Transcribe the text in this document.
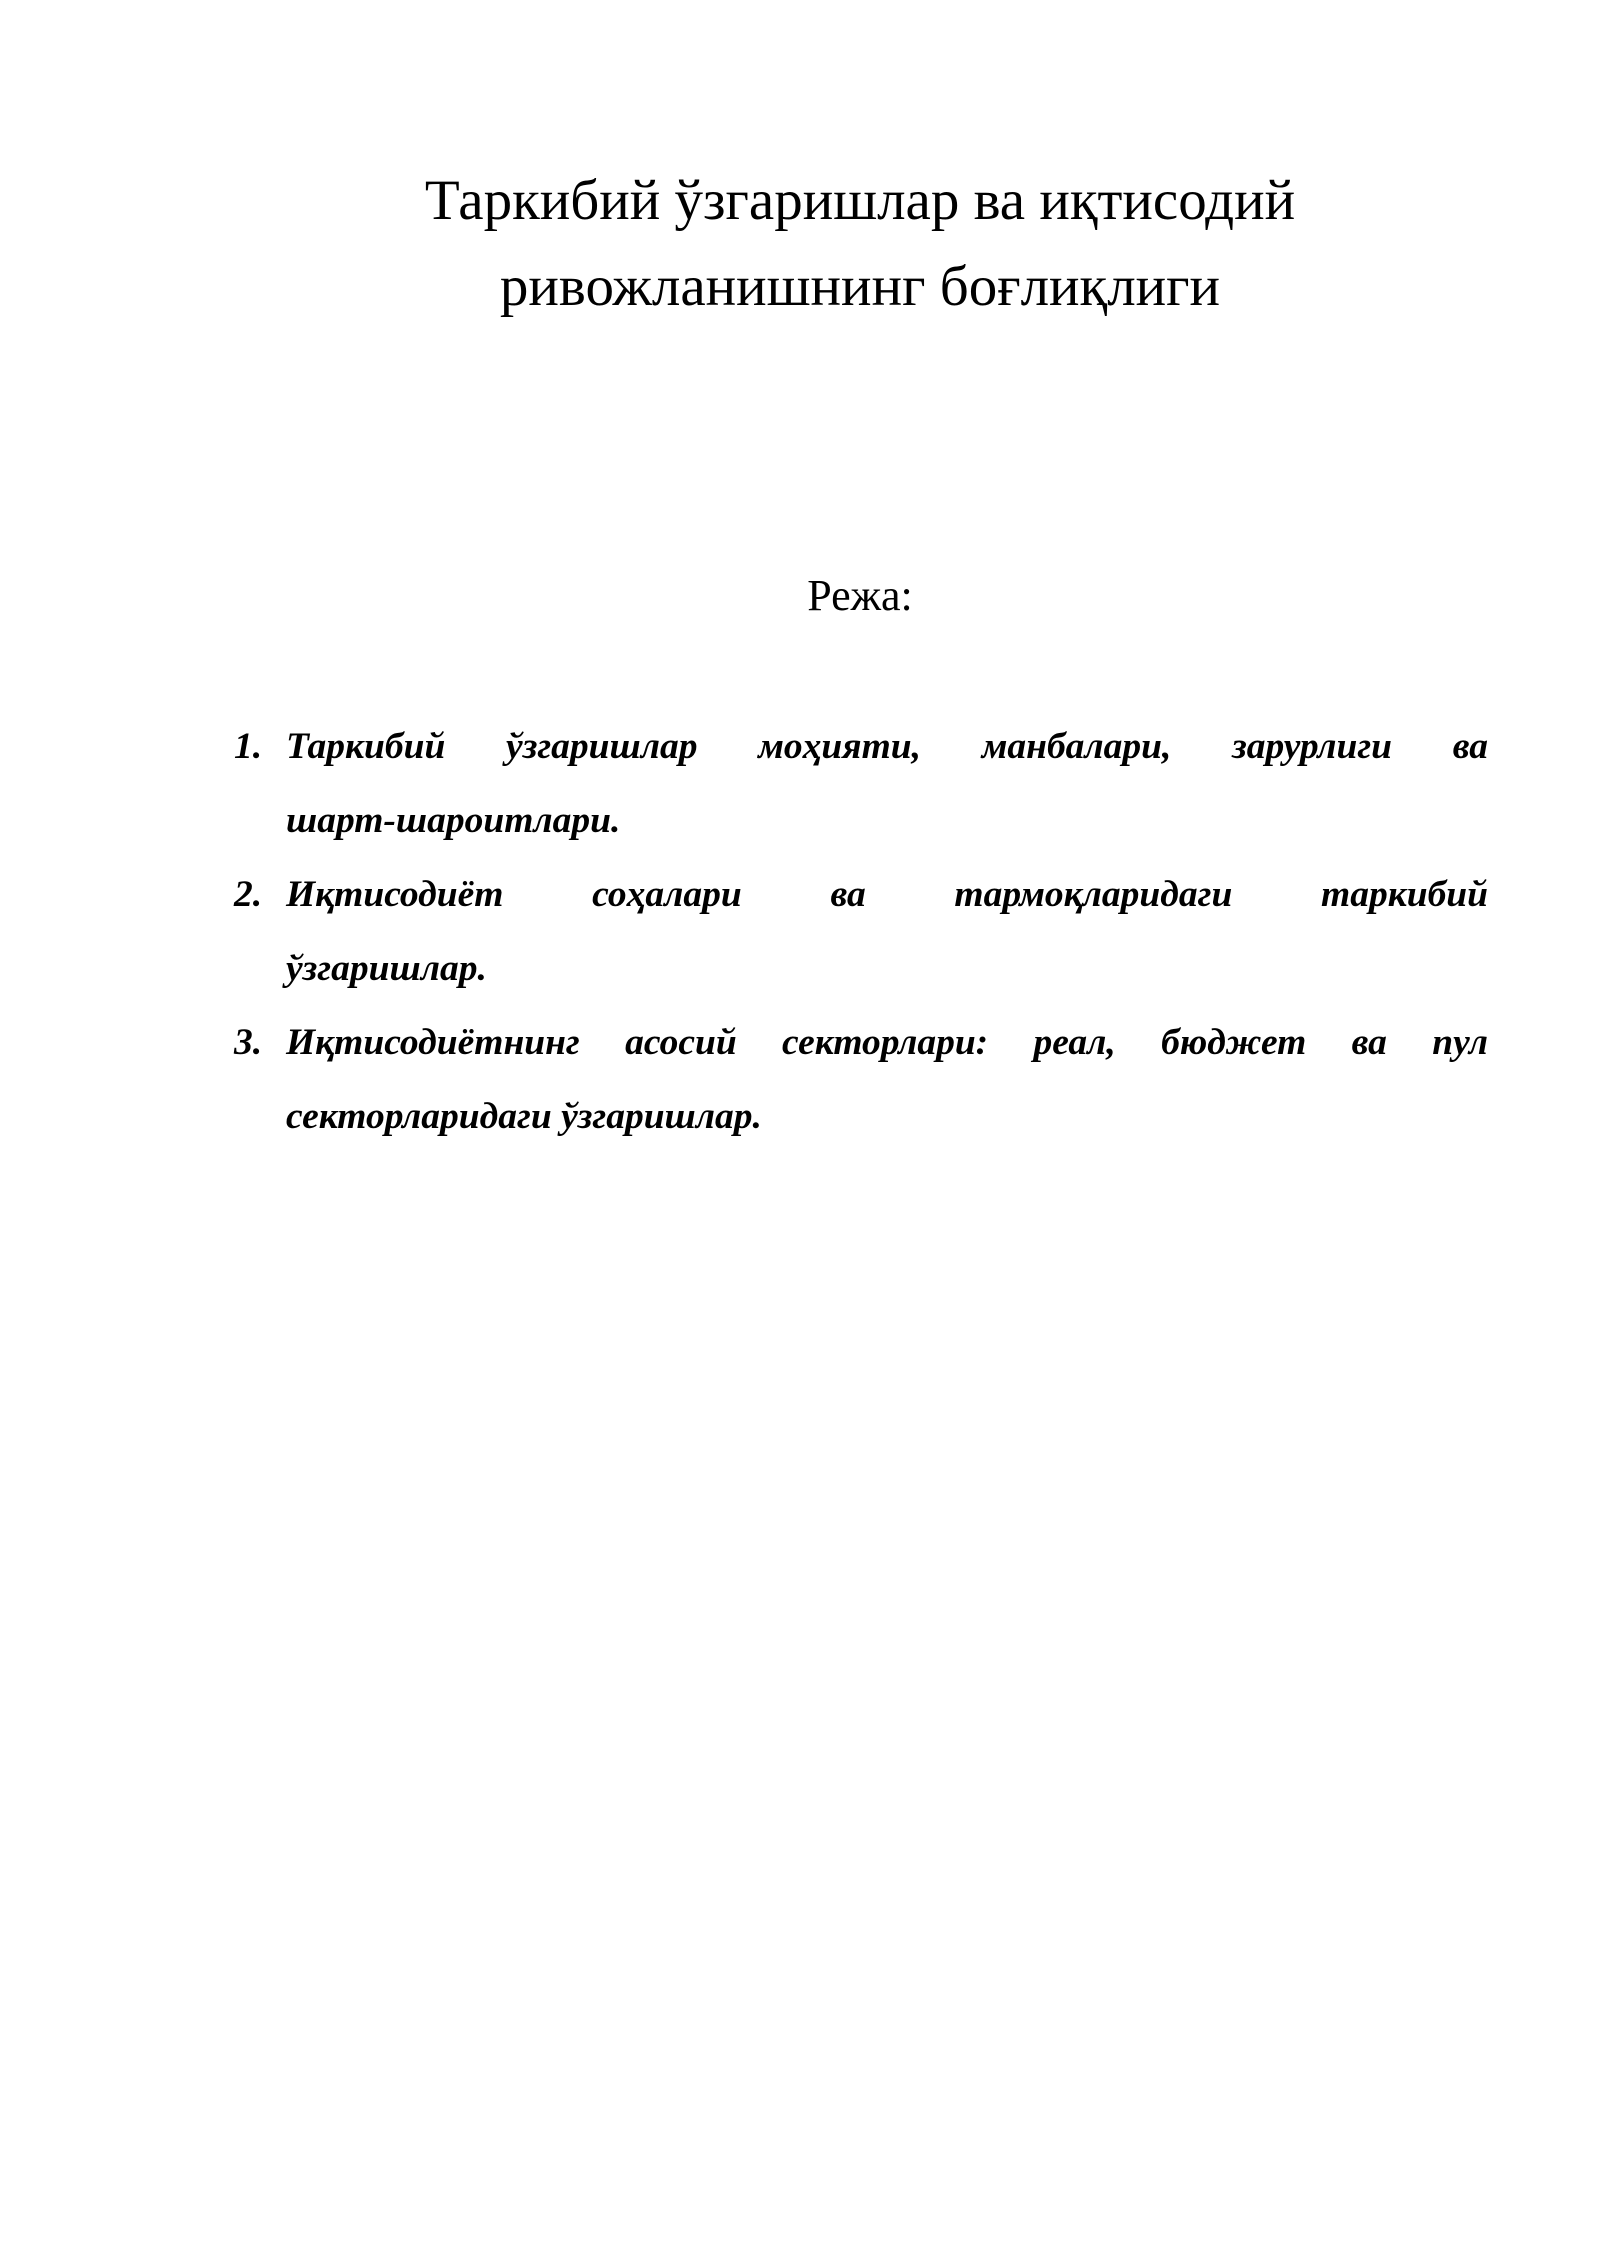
Таркибий ўзгаришлар ва иқтисодий
ривожланишнинг боғлиқлиги

Режа:

1. Таркибий ўзгаришлар моҳияти, манбалари, зарурлиги ва
шарт-шароитлари.
2. Иқтисодиёт соҳалари ва тармоқларидаги таркибий
ўзгаришлар.
3. Иқтисодиётнинг асосий секторлари: реал, бюджет ва пул
секторларидаги ўзгаришлар.
